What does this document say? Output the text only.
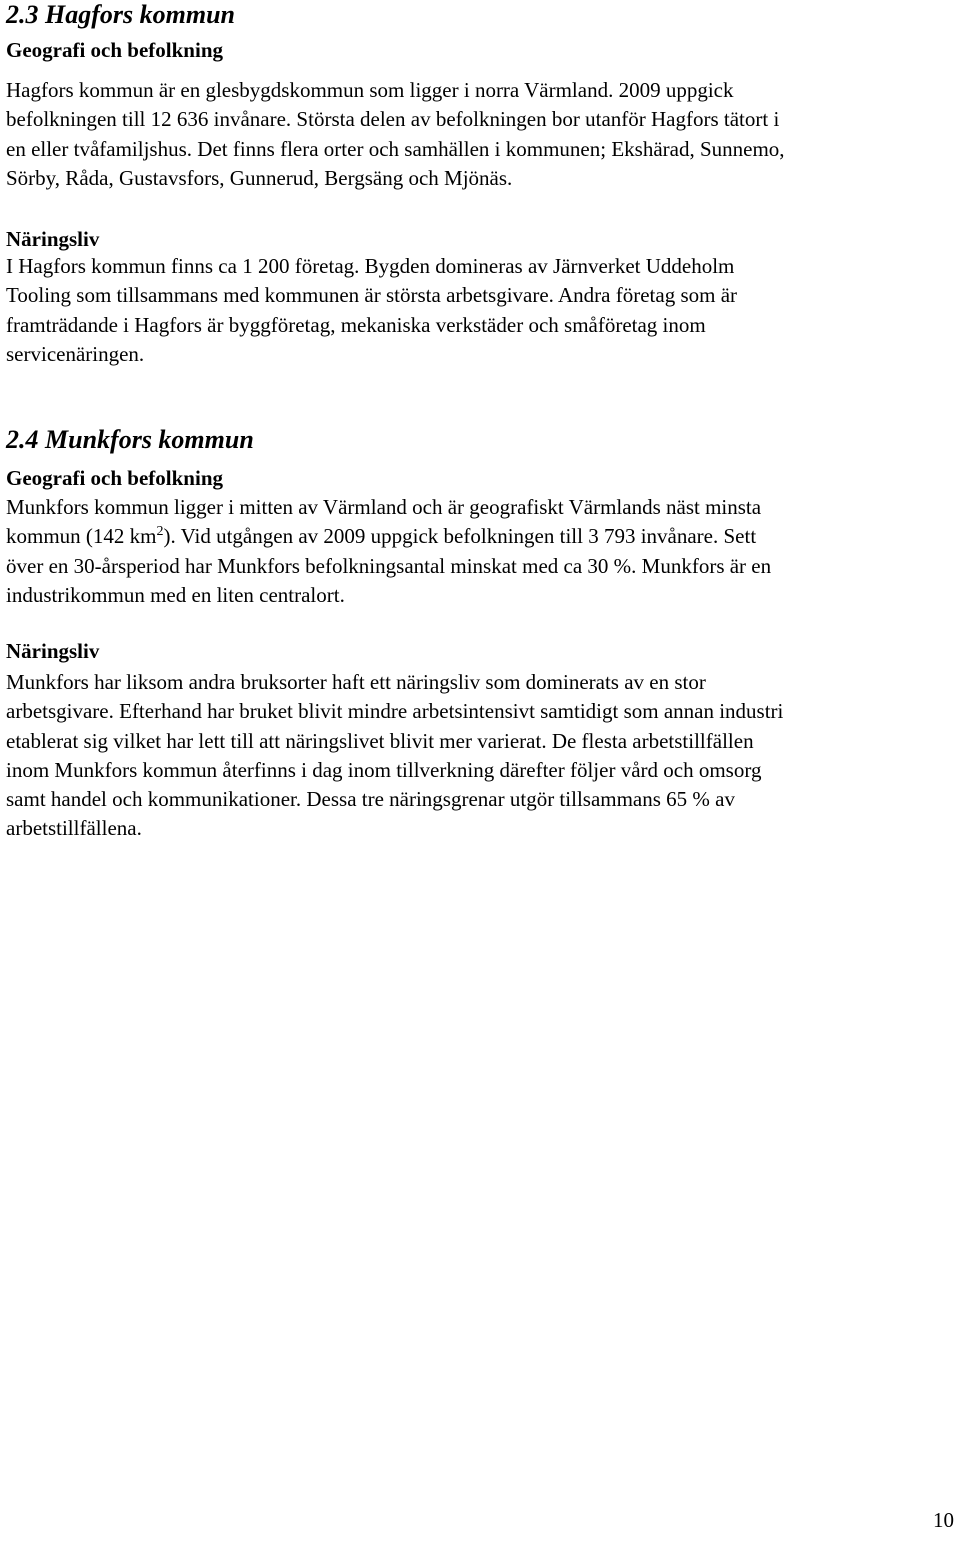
2.3 Hagfors kommun
Geografi och befolkning

Hagfors kommun är en glesbygdskommun som ligger i norra Värmland. 2009 uppgick
befolkningen till 12 636 invånare. Största delen av befolkningen bor utanför Hagfors tätort i
en eller tvåfamiljshus. Det finns flera orter och samhällen i kommunen; Ekshärad, Sunnemo,
Sörby, Råda, Gustavsfors, Gunnerud, Bergsäng och Mjönäs.

Näringsliv

I Hagfors kommun finns ca 1 200 företag. Bygden domineras av Järnverket Uddeholm
Tooling som tillsammans med kommunen är största arbetsgivare. Andra företag som är
framträdande i Hagfors är byggföretag, mekaniska verkstäder och småföretag inom
servicenäringen.

2.4 Munkfors kommun
Geografi och befolkning

Munkfors kommun ligger i mitten av Värmland och är geografiskt Värmlands näst minsta
kommun (142 $km^2$). Vid utgången av 2009 uppgick befolkningen till 3 793 invånare. Sett
över en 30-årsperiod har Munkfors befolkningsantal minskat med ca 30 %. Munkfors är en
industrikommun med en liten centralort.

Näringsliv

Munkfors har liksom andra bruksorter haft ett näringsliv som dominerats av en stor
arbetsgivare. Efterhand har bruket blivit mindre arbetsintensivt samtidigt som annan industri
etablerat sig vilket har lett till att näringslivet blivit mer varierat. De flesta arbetstillfällen
inom Munkfors kommun återfinns i dag inom tillverkning därefter följer vård och omsorg
samt handel och kommunikationer. Dessa tre näringsgrenar utgör tillsammans 65 % av
arbetstillfällena.

10
